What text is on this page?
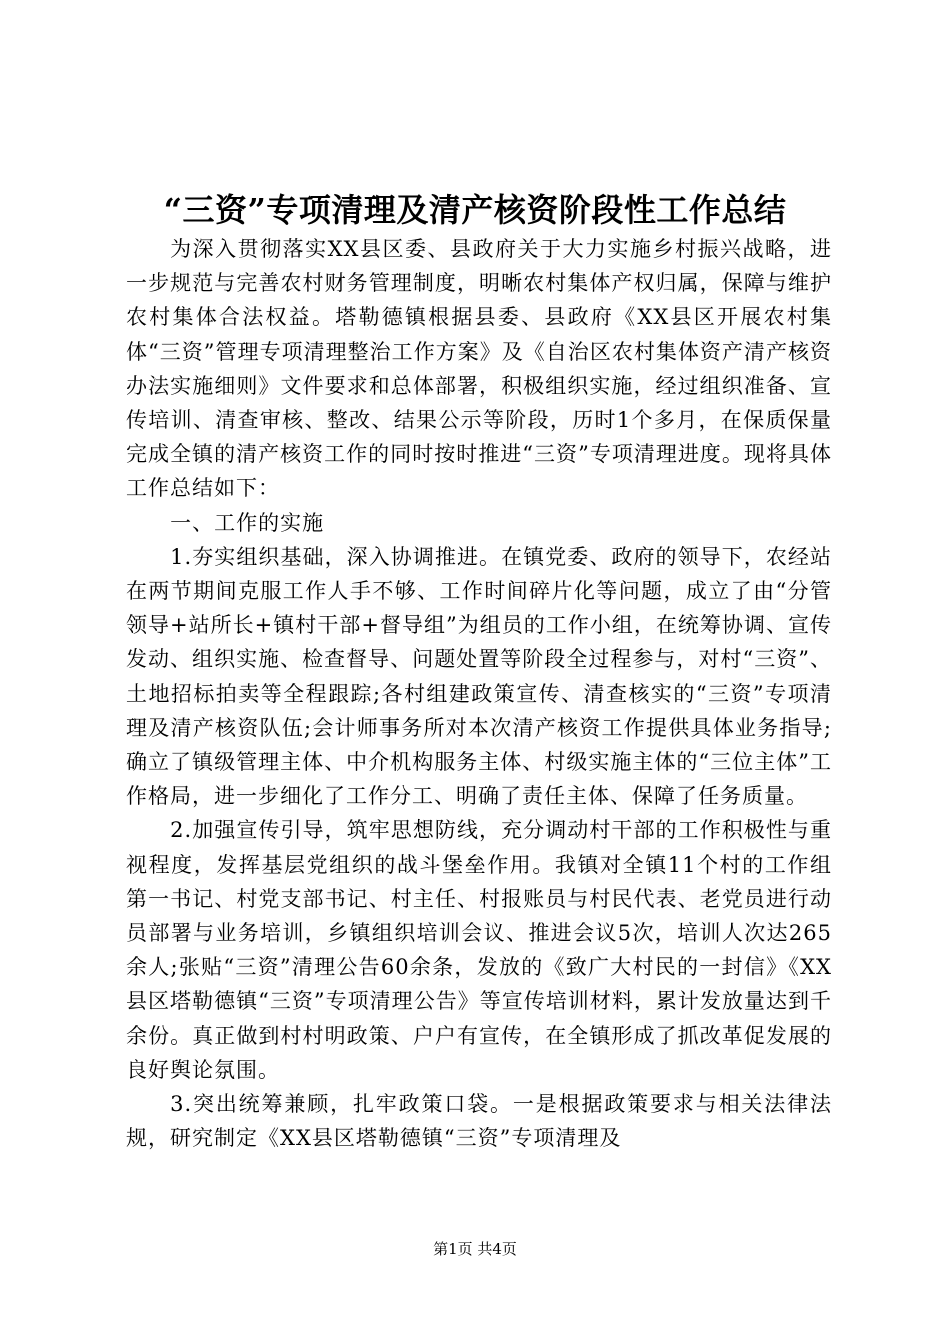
“三资”专项清理及清产核资阶段性工作总结

为深入贯彻落实XX县区委、县政府关于大力实施乡村振兴战略，进一步规范与完善农村财务管理制度，明晰农村集体产权归属，保障与维护农村集体合法权益。塔勒德镇根据县委、县政府《XX县区开展农村集体“三资”管理专项清理整治工作方案》及《自治区农村集体资产清产核资办法实施细则》文件要求和总体部署，积极组织实施，经过组织准备、宣传培训、清查审核、整改、结果公示等阶段，历时1个多月，在保质保量完成全镇的清产核资工作的同时按时推进“三资”专项清理进度。现将具体工作总结如下：

一、工作的实施

1.夯实组织基础，深入协调推进。在镇党委、政府的领导下，农经站在两节期间克服工作人手不够、工作时间碎片化等问题，成立了由“分管领导+站所长+镇村干部+督导组”为组员的工作小组，在统筹协调、宣传发动、组织实施、检查督导、问题处置等阶段全过程参与，对村“三资”、土地招标拍卖等全程跟踪;各村组建政策宣传、清查核实的“三资”专项清理及清产核资队伍;会计师事务所对本次清产核资工作提供具体业务指导;确立了镇级管理主体、中介机构服务主体、村级实施主体的“三位主体”工作格局，进一步细化了工作分工、明确了责任主体、保障了任务质量。

2.加强宣传引导，筑牢思想防线，充分调动村干部的工作积极性与重视程度，发挥基层党组织的战斗堡垒作用。我镇对全镇11个村的工作组第一书记、村党支部书记、村主任、村报账员与村民代表、老党员进行动员部署与业务培训，乡镇组织培训会议、推进会议5次，培训人次达265余人;张贴“三资”清理公告60余条，发放的《致广大村民的一封信》《XX县区塔勒德镇“三资”专项清理公告》等宣传培训材料，累计发放量达到千余份。真正做到村村明政策、户户有宣传，在全镇形成了抓改革促发展的良好舆论氛围。

3.突出统筹兼顾，扎牢政策口袋。一是根据政策要求与相关法律法规，研究制定《XX县区塔勒德镇“三资”专项清理及

第1页 共4页
